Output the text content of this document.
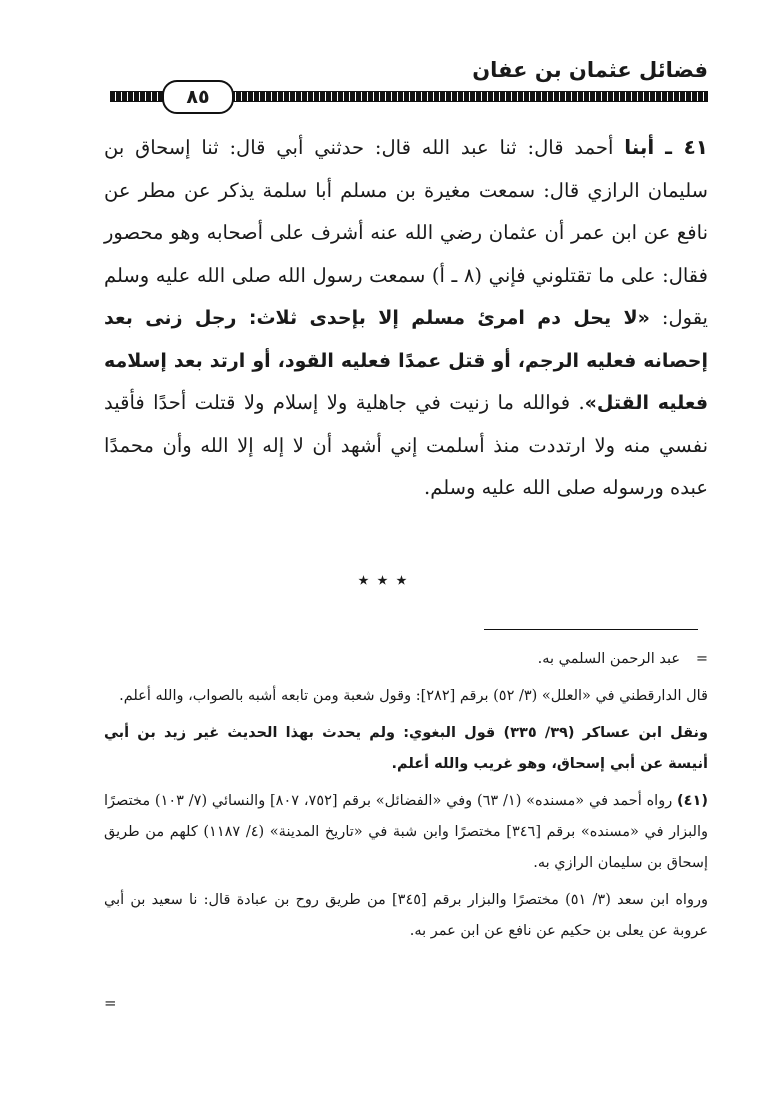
فضائل عثمان بن عفان
٨٥

٤١ ـ أبنا أحمد قال: ثنا عبد الله قال: حدثني أبي قال: ثنا إسحاق بن سليمان الرازي قال: سمعت مغيرة بن مسلم أبا سلمة يذكر عن مطر عن نافع عن ابن عمر أن عثمان رضي الله عنه أشرف على أصحابه وهو محصور فقال: على ما تقتلوني فإني (٨ ـ أ) سمعت رسول الله صلى الله عليه وسلم يقول: «لا يحل دم امرئ مسلم إلا بإحدى ثلاث: رجل زنى بعد إحصانه فعليه الرجم، أو قتل عمدًا فعليه القود، أو ارتد بعد إسلامه فعليه القتل». فوالله ما زنيت في جاهلية ولا إسلام ولا قتلت أحدًا فأقيد نفسي منه ولا ارتددت منذ أسلمت إني أشهد أن لا إله إلا الله وأن محمدًا عبده ورسوله صلى الله عليه وسلم.

٭ ٭ ٭

=
عبد الرحمن السلمي به.

قال الدارقطني في «العلل» (٣/ ٥٢) برقم [٢٨٢]: وقول شعبة ومن تابعه أشبه بالصواب، والله أعلم.

ونقل ابن عساكر (٣٩/ ٣٣٥) قول البغوي: ولم يحدث بهذا الحديث غير زيد بن أبي أنيسة عن أبي إسحاق، وهو غريب والله أعلم.

(٤١) رواه أحمد في «مسنده» (١/ ٦٣) وفي «الفضائل» برقم [٧٥٢، ٨٠٧] والنسائي (٧/ ١٠٣) مختصرًا والبزار في «مسنده» برقم [٣٤٦] مختصرًا وابن شبة في «تاريخ المدينة» (٤/ ١١٨٧) كلهم من طريق إسحاق بن سليمان الرازي به.

ورواه ابن سعد (٣/ ٥١) مختصرًا والبزار برقم [٣٤٥] من طريق روح بن عبادة قال: نا سعيد بن أبي عروبة عن يعلى بن حكيم عن نافع عن ابن عمر به.

=
